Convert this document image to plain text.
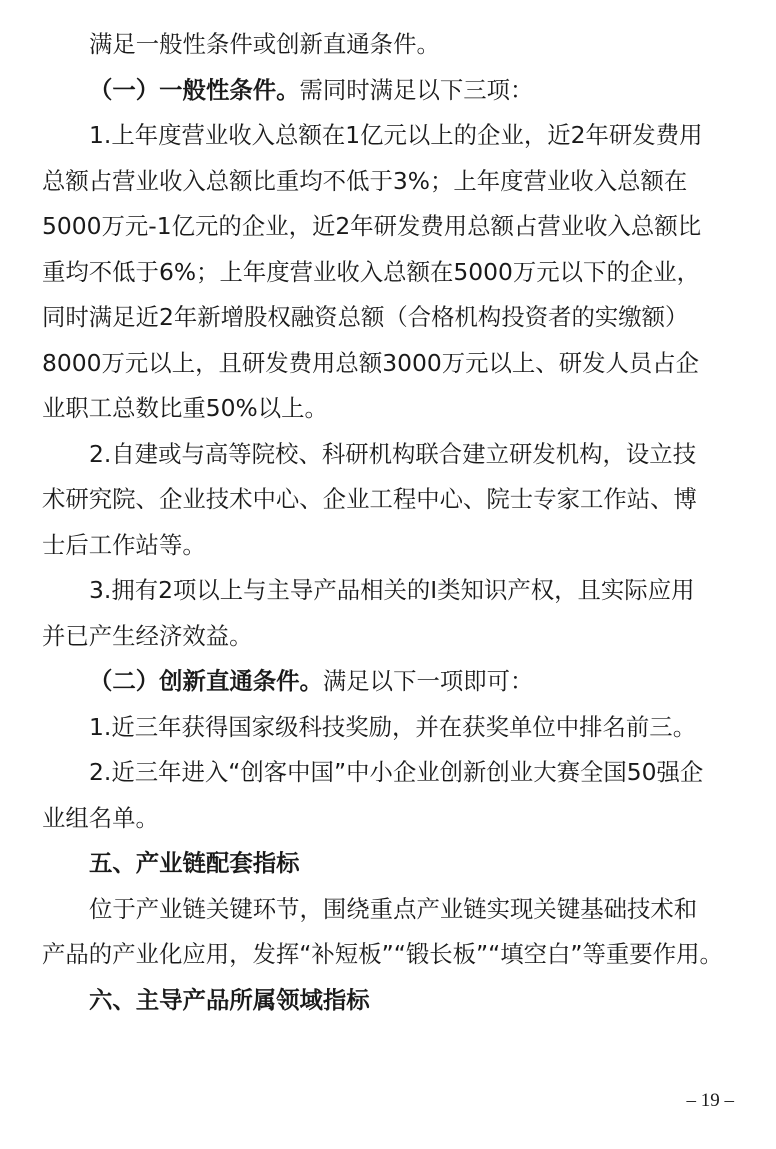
满足一般性条件或创新直通条件。
（一）一般性条件。需同时满足以下三项：
1.上年度营业收入总额在1亿元以上的企业，近2年研发费用
总额占营业收入总额比重均不低于3%；上年度营业收入总额在
5000万元-1亿元的企业，近2年研发费用总额占营业收入总额比
重均不低于6%；上年度营业收入总额在5000万元以下的企业，
同时满足近2年新增股权融资总额（合格机构投资者的实缴额）
8000万元以上，且研发费用总额3000万元以上、研发人员占企
业职工总数比重50%以上。
2.自建或与高等院校、科研机构联合建立研发机构，设立技
术研究院、企业技术中心、企业工程中心、院士专家工作站、博
士后工作站等。
3.拥有2项以上与主导产品相关的I类知识产权，且实际应用
并已产生经济效益。
（二）创新直通条件。满足以下一项即可：
1.近三年获得国家级科技奖励，并在获奖单位中排名前三。
2.近三年进入“创客中国”中小企业创新创业大赛全国50强企
业组名单。
五、产业链配套指标
位于产业链关键环节，围绕重点产业链实现关键基础技术和
产品的产业化应用，发挥“补短板”“锻长板”“填空白”等重要作用。
六、主导产品所属领域指标
– 19 –
